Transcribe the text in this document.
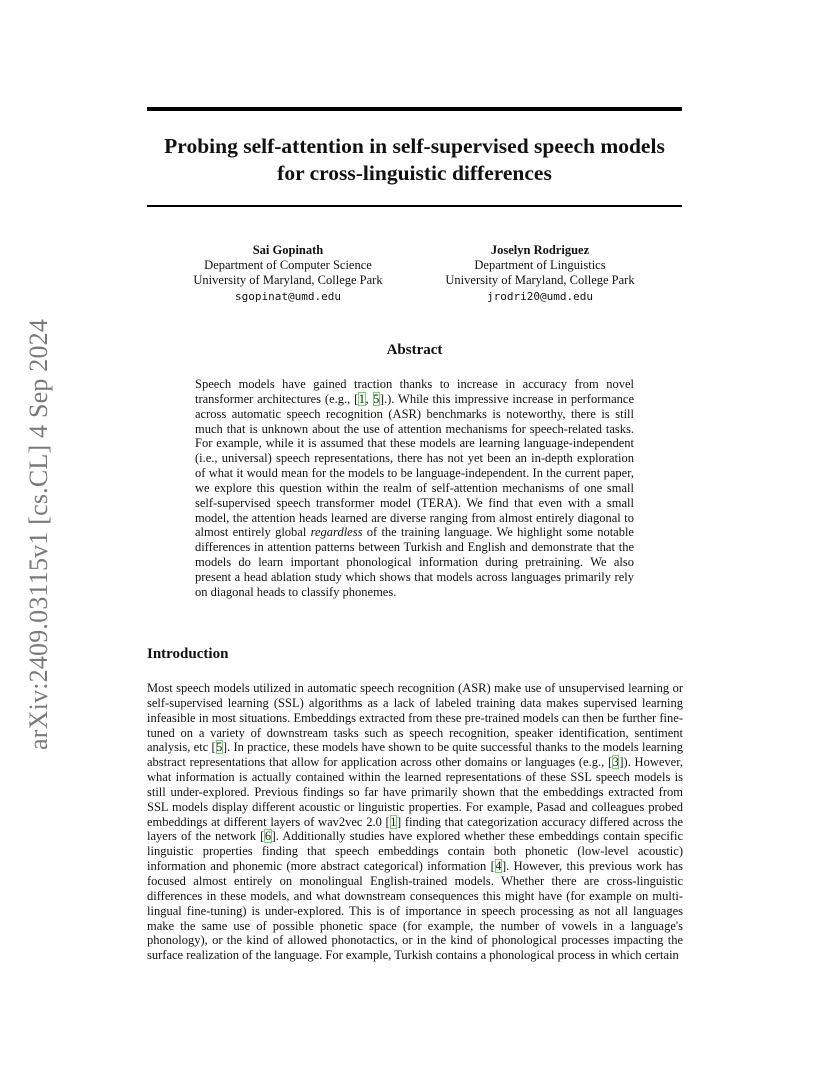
arXiv:2409.03115v1 [cs.CL] 4 Sep 2024
Probing self-attention in self-supervised speech models
for cross-linguistic differences
Sai Gopinath
Department of Computer Science
University of Maryland, College Park
sgopinat@umd.edu
Joselyn Rodriguez
Department of Linguistics
University of Maryland, College Park
jrodri20@umd.edu
Abstract
Speech models have gained traction thanks to increase in accuracy from novel transformer architectures (e.g., [1, 5].). While this impressive increase in performance across automatic speech recognition (ASR) benchmarks is noteworthy, there is still much that is unknown about the use of attention mechanisms for speech-related tasks. For example, while it is assumed that these models are learning language-independent (i.e., universal) speech representations, there has not yet been an in-depth exploration of what it would mean for the models to be language-independent. In the current paper, we explore this question within the realm of self-attention mechanisms of one small self-supervised speech transformer model (TERA). We find that even with a small model, the attention heads learned are diverse ranging from almost entirely diagonal to almost entirely global regardless of the training language. We highlight some notable differences in attention patterns between Turkish and English and demonstrate that the models do learn important phonological information during pretraining. We also present a head ablation study which shows that models across languages primarily rely on diagonal heads to classify phonemes.
Introduction
Most speech models utilized in automatic speech recognition (ASR) make use of unsupervised learning or self-supervised learning (SSL) algorithms as a lack of labeled training data makes supervised learning infeasible in most situations. Embeddings extracted from these pre-trained models can then be further fine-tuned on a variety of downstream tasks such as speech recognition, speaker identification, sentiment analysis, etc [5]. In practice, these models have shown to be quite successful thanks to the models learning abstract representations that allow for application across other domains or languages (e.g., [3]). However, what information is actually contained within the learned representations of these SSL speech models is still under-explored. Previous findings so far have primarily shown that the embeddings extracted from SSL models display different acoustic or linguistic properties. For example, Pasad and colleagues probed embeddings at different layers of wav2vec 2.0 [1] finding that categorization accuracy differed across the layers of the network [6]. Additionally studies have explored whether these embeddings contain specific linguistic properties finding that speech embeddings contain both phonetic (low-level acoustic) information and phonemic (more abstract categorical) information [4]. However, this previous work has focused almost entirely on monolingual English-trained models. Whether there are cross-linguistic differences in these models, and what downstream consequences this might have (for example on multi-lingual fine-tuning) is under-explored. This is of importance in speech processing as not all languages make the same use of possible phonetic space (for example, the number of vowels in a language's phonology), or the kind of allowed phonotactics, or in the kind of phonological processes impacting the surface realization of the language. For example, Turkish contains a phonological process in which certain
